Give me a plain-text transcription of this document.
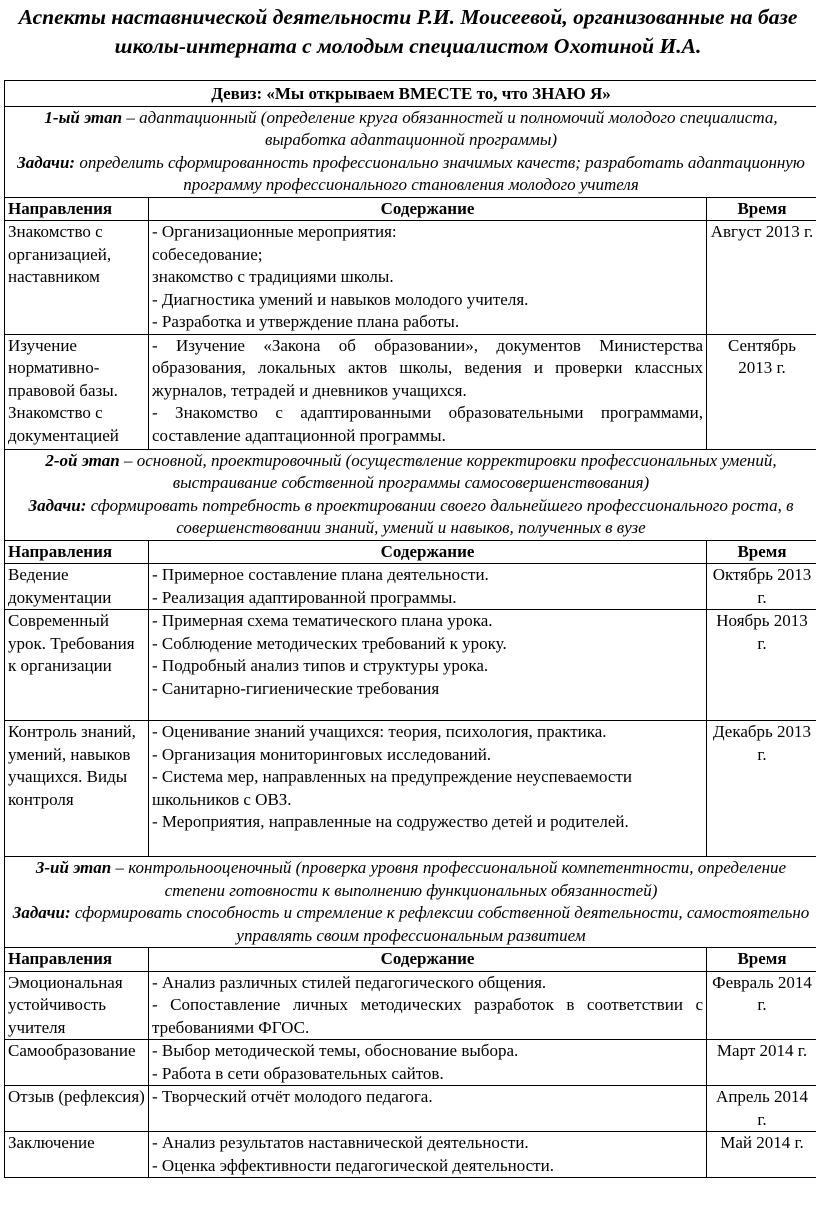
Аспекты наставнической деятельности Р.И. Моисеевой, организованные на базе школы-интерната с молодым специалистом Охотиной И.А.
Девиз: «Мы открываем ВМЕСТЕ то, что ЗНАЮ Я»		
1-ый этап – адаптационный (определение круга обязанностей и полномочий молодого специалиста, выработка адаптационной программы)
Задачи: определить сформированность профессионально значимых качеств; разработать адаптационную программу профессионального становления молодого учителя		
Направления	Содержание	Время
Знакомство с организацией, наставником	- Организационные мероприятия:
собеседование;
знакомство с традициями школы.
- Диагностика умений и навыков молодого учителя.
- Разработка и утверждение плана работы.	Август 2013 г.
Изучение нормативно-правовой базы. Знакомство с документацией	- Изучение «Закона об образовании», документов Министерства образования, локальных актов школы, ведения и проверки классных журналов, тетрадей и дневников учащихся.
- Знакомство с адаптированными образовательными программами, составление адаптационной программы.	Сентябрь 2013 г.
2-ой этап – основной, проектировочный (осуществление корректировки профессиональных умений, выстраивание собственной программы самосовершенствования)
Задачи: сформировать потребность в проектировании своего дальнейшего профессионального роста, в совершенствовании знаний, умений и навыков, полученных в вузе		
Направления	Содержание	Время
Ведение документации	- Примерное составление плана деятельности.
- Реализация адаптированной программы.	Октябрь 2013 г.
Современный урок. Требования к организации	- Примерная схема тематического плана урока.
- Соблюдение методических требований к уроку.
- Подробный анализ типов и структуры урока.
- Санитарно-гигиенические требования	Ноябрь 2013 г.
Контроль знаний, умений, навыков учащихся. Виды контроля	- Оценивание знаний учащихся: теория, психология, практика.
- Организация мониторинговых исследований.
- Система мер, направленных на предупреждение неуспеваемости школьников с ОВЗ.
- Мероприятия, направленные на содружество детей и родителей.	Декабрь 2013 г.
3-ий этап – контрольнооценочный (проверка уровня профессиональной компетентности, определение степени готовности к выполнению функциональных обязанностей)
Задачи: сформировать способность и стремление к рефлексии собственной деятельности, самостоятельно управлять своим профессиональным развитием		
Направления	Содержание	Время
Эмоциональная устойчивость учителя	- Анализ различных стилей педагогического общения.
- Сопоставление личных методических разработок в соответствии с требованиями ФГОС.	Февраль 2014 г.
Самообразование	- Выбор методической темы, обоснование выбора.
- Работа в сети образовательных сайтов.	Март 2014 г.
Отзыв (рефлексия)	- Творческий отчёт молодого педагога.	Апрель 2014 г.
Заключение	- Анализ результатов наставнической деятельности.
- Оценка эффективности педагогической деятельности.	Май 2014 г.
